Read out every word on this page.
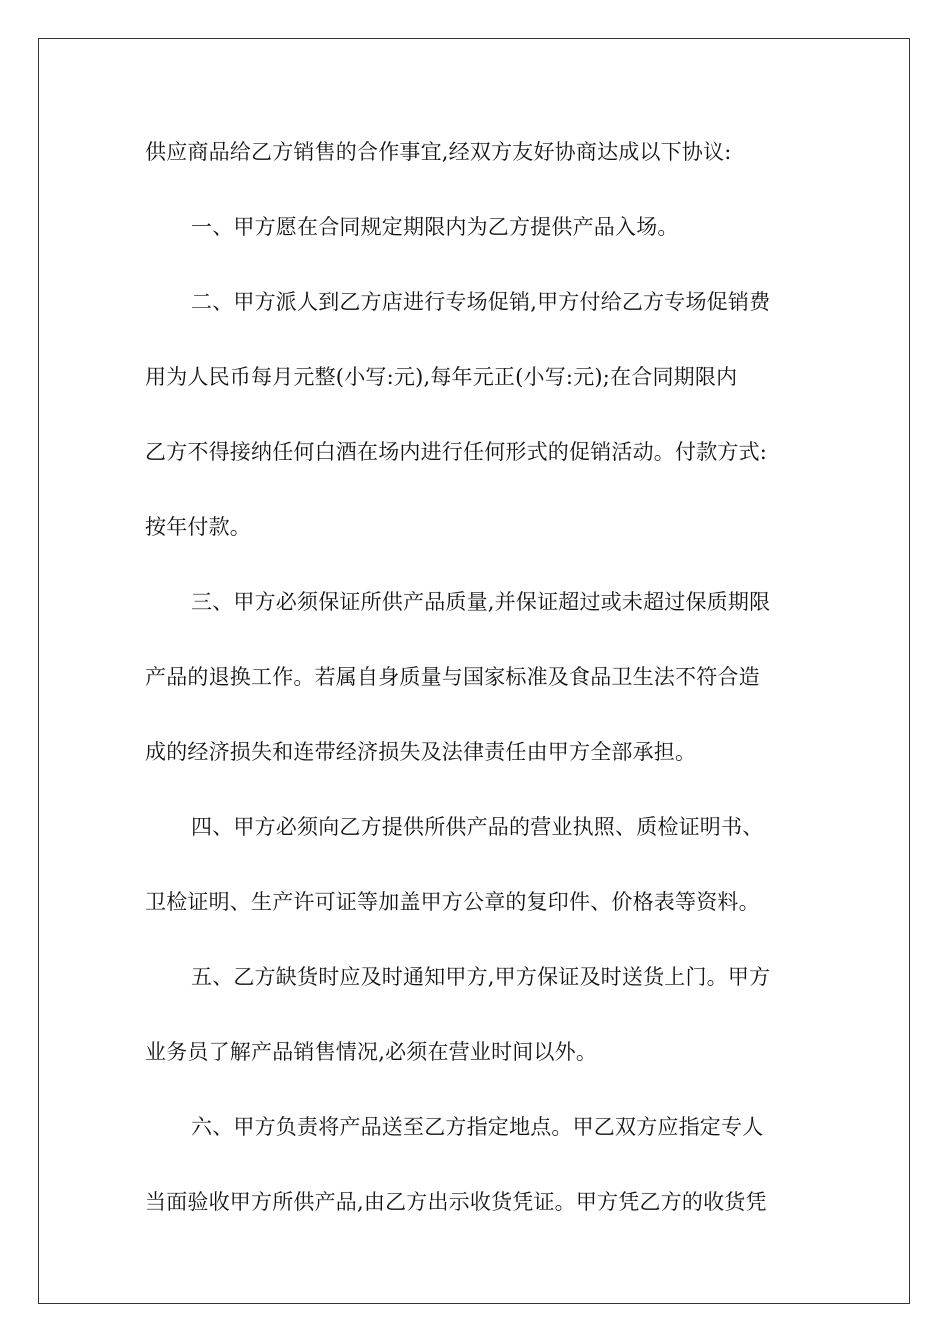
供应商品给乙方销售的合作事宜,经双方友好协商达成以下协议:
一、甲方愿在合同规定期限内为乙方提供产品入场。
二、甲方派人到乙方店进行专场促销,甲方付给乙方专场促销费
用为人民币每月元整(小写:元),每年元正(小写:元);在合同期限内
乙方不得接纳任何白酒在场内进行任何形式的促销活动。付款方式:
按年付款。
三、甲方必须保证所供产品质量,并保证超过或未超过保质期限
产品的退换工作。若属自身质量与国家标准及食品卫生法不符合造
成的经济损失和连带经济损失及法律责任由甲方全部承担。
四、甲方必须向乙方提供所供产品的营业执照、质检证明书、
卫检证明、生产许可证等加盖甲方公章的复印件、价格表等资料。
五、乙方缺货时应及时通知甲方,甲方保证及时送货上门。甲方
业务员了解产品销售情况,必须在营业时间以外。
六、甲方负责将产品送至乙方指定地点。甲乙双方应指定专人
当面验收甲方所供产品,由乙方出示收货凭证。甲方凭乙方的收货凭
